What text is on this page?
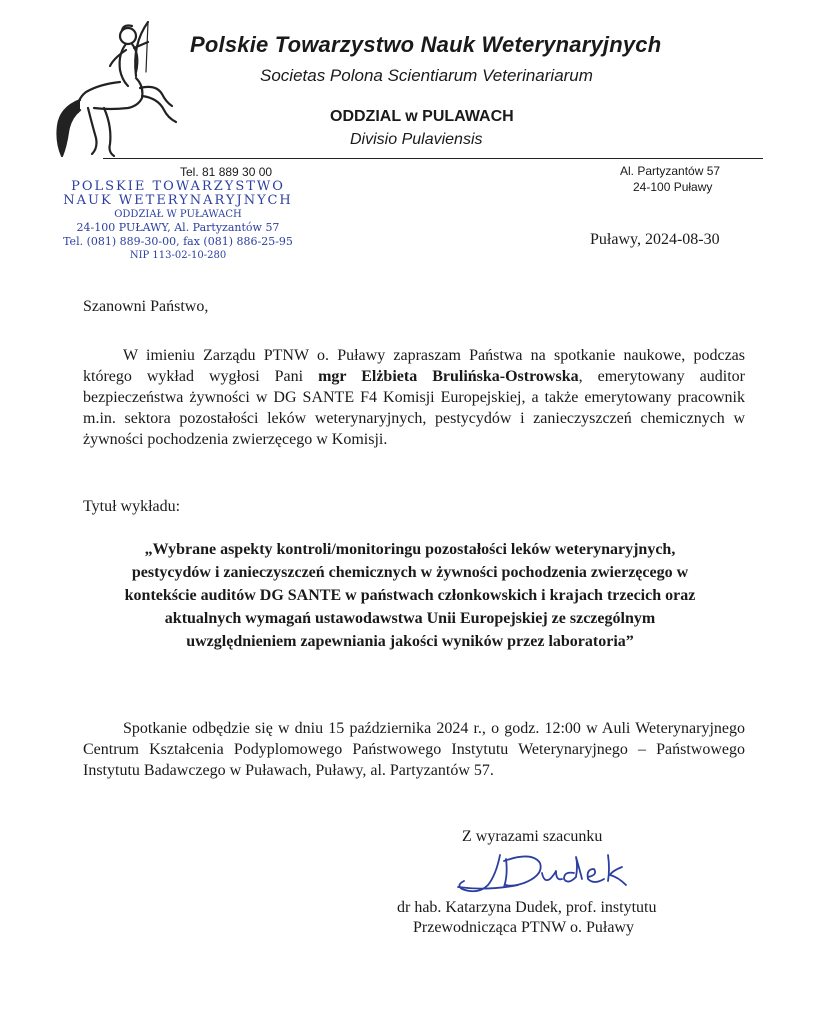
Polskie Towarzystwo Nauk Weterynaryjnych
Societas Polona Scientiarum Veterinariarum
ODDZIAL w PULAWACH
Divisio Pulaviensis
Tel. 81 889 30 00	Al. Partyzantów 57
24-100 Puławy
POLSKIE TOWARZYSTWO
NAUK WETERYNARYJNYCH
ODDZIAŁ W PUŁAWACH
24-100 PUŁAWY, Al. Partyzantów 57
Tel. (081) 889-30-00, fax (081) 886-25-95
NIP 113-02-10-280
Puławy, 2024-08-30
Szanowni Państwo,
W imieniu Zarządu PTNW o. Puławy zapraszam Państwa na spotkanie naukowe, podczas którego wykład wygłosi Pani mgr Elżbieta Brulińska-Ostrowska, emerytowany auditor bezpieczeństwa żywności w DG SANTE F4 Komisji Europejskiej, a także emerytowany pracownik m.in. sektora pozostałości leków weterynaryjnych, pestycydów i zanieczyszczeń chemicznych w żywności pochodzenia zwierzęcego w Komisji.
Tytuł wykładu:
„Wybrane aspekty kontroli/monitoringu pozostałości leków weterynaryjnych, pestycydów i zanieczyszczeń chemicznych w żywności pochodzenia zwierzęcego w kontekście auditów DG SANTE w państwach członkowskich i krajach trzecich oraz aktualnych wymagań ustawodawstwa Unii Europejskiej ze szczególnym uwzględnieniem zapewniania jakości wyników przez laboratoria”
Spotkanie odbędzie się w dniu 15 października 2024 r., o godz. 12:00 w Auli Weterynaryjnego Centrum Kształcenia Podyplomowego Państwowego Instytutu Weterynaryjnego – Państwowego Instytutu Badawczego w Puławach, Puławy, al. Partyzantów 57.
Z wyrazami szacunku
dr hab. Katarzyna Dudek, prof. instytutu
Przewodnicząca PTNW o. Puławy
